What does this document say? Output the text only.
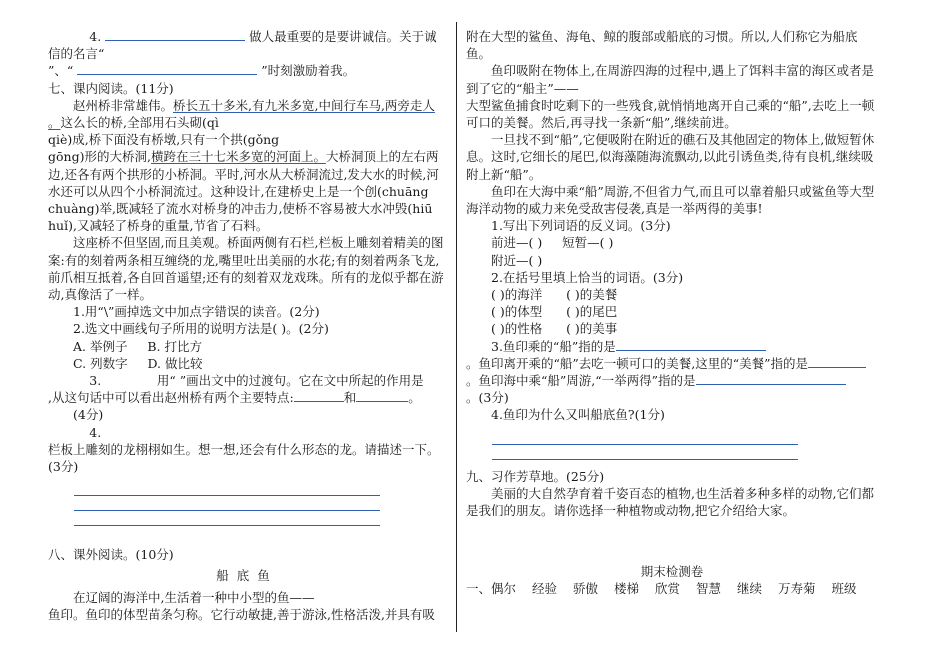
4.	做人最重要的是要讲诚信。关于诚信的名言“

”、“	”时刻激励着我。

七、课内阅读。(11分)

赵州桥非常雄伟。桥长五十多米,有九米多宽,中间行车马,两旁走人
。这么长的桥,全部用石头砌(qì
qiè)成,桥下面没有桥墩,只有一个拱(gǒng
gōng)形的大桥洞,横跨在三十七米多宽的河面上。大桥洞顶上的左右两边,还各有两个拱形的小桥洞。平时,河水从大桥洞流过,发大水的时候,河水还可以从四个小桥洞流过。这种设计,在建桥史上是一个创(chuāng chuàng)举,既减轻了流水对桥身的冲击力,使桥不容易被大水冲毁(hiū huǐ),又减轻了桥身的重量,节省了石料。

这座桥不但坚固,而且美观。桥面两侧有石栏,栏板上雕刻着精美的图案:有的刻着两条相互缠绕的龙,嘴里吐出美丽的水花;有的刻着两条飞龙,前爪相互抵着,各自回首遥望;还有的刻着双龙戏珠。所有的龙似乎都在游动,真像活了一样。

1.用“\”画掉选文中加点字错误的读音。(2分)

2.选文中画线句子所用的说明方法是( )。(2分)

A. 举例子 B. 打比方

C. 列数字 D. 做比较

3.	用“ ”画出文中的过渡句。它在文中所起的作用是

,从这句话中可以看出赵州桥有两个主要特点:	和	。

(4分)

4.

栏板上雕刻的龙栩栩如生。想一想,还会有什么形态的龙。请描述一下。(3分)

八、课外阅读。(10分)

船底鱼

在辽阔的海洋中,生活着一种中小型的鱼——

鱼印。鱼印的体型苗条匀称。它行动敏捷,善于游泳,性格活泼,并具有吸

附在大型的鲨鱼、海龟、鲸的腹部或船底的习惯。所以,人们称它为船底鱼。

鱼印吸附在物体上,在周游四海的过程中,遇上了饵料丰富的海区或者是到了它的“船主”——

大型鲨鱼捕食时吃剩下的一些残食,就悄悄地离开自己乘的“船”,去吃上一顿可口的美餐。然后,再寻找一条新“船”,继续前进。

一旦找不到“船”,它便吸附在附近的礁石及其他固定的物体上,做短暂休息。这时,它细长的尾巴,似海藻随海流飘动,以此引诱鱼类,待有良机,继续吸附上新“船”。

鱼印在大海中乘“船”周游,不但省力气,而且可以靠着船只或鲨鱼等大型海洋动物的威力来免受敌害侵袭,真是一举两得的美事!

1.写出下列词语的反义词。(3分)

前进—( ) 短暂—( )

附近—( )

2.在括号里填上恰当的词语。(3分)

( )的海洋 ( )的美餐

( )的体型 ( )的尾巴

( )的性格 ( )的美事

3.鱼印乘的“船”指的是

。鱼印离开乘的“船”去吃一顿可口的美餐,这里的“美餐”指的是

。鱼印海中乘“船”周游,“一举两得”指的是

。(3分)

4.鱼印为什么又叫船底鱼?(1分)

九、习作芳草地。(25分)

美丽的大自然孕育着千姿百态的植物,也生活着多种多样的动物,它们都是我们的朋友。请你选择一种植物或动物,把它介绍给大家。

期末检测卷

一、偶尔 经验 骄傲 楼梯 欣赏 智慧 继续 万寿菊 班级
